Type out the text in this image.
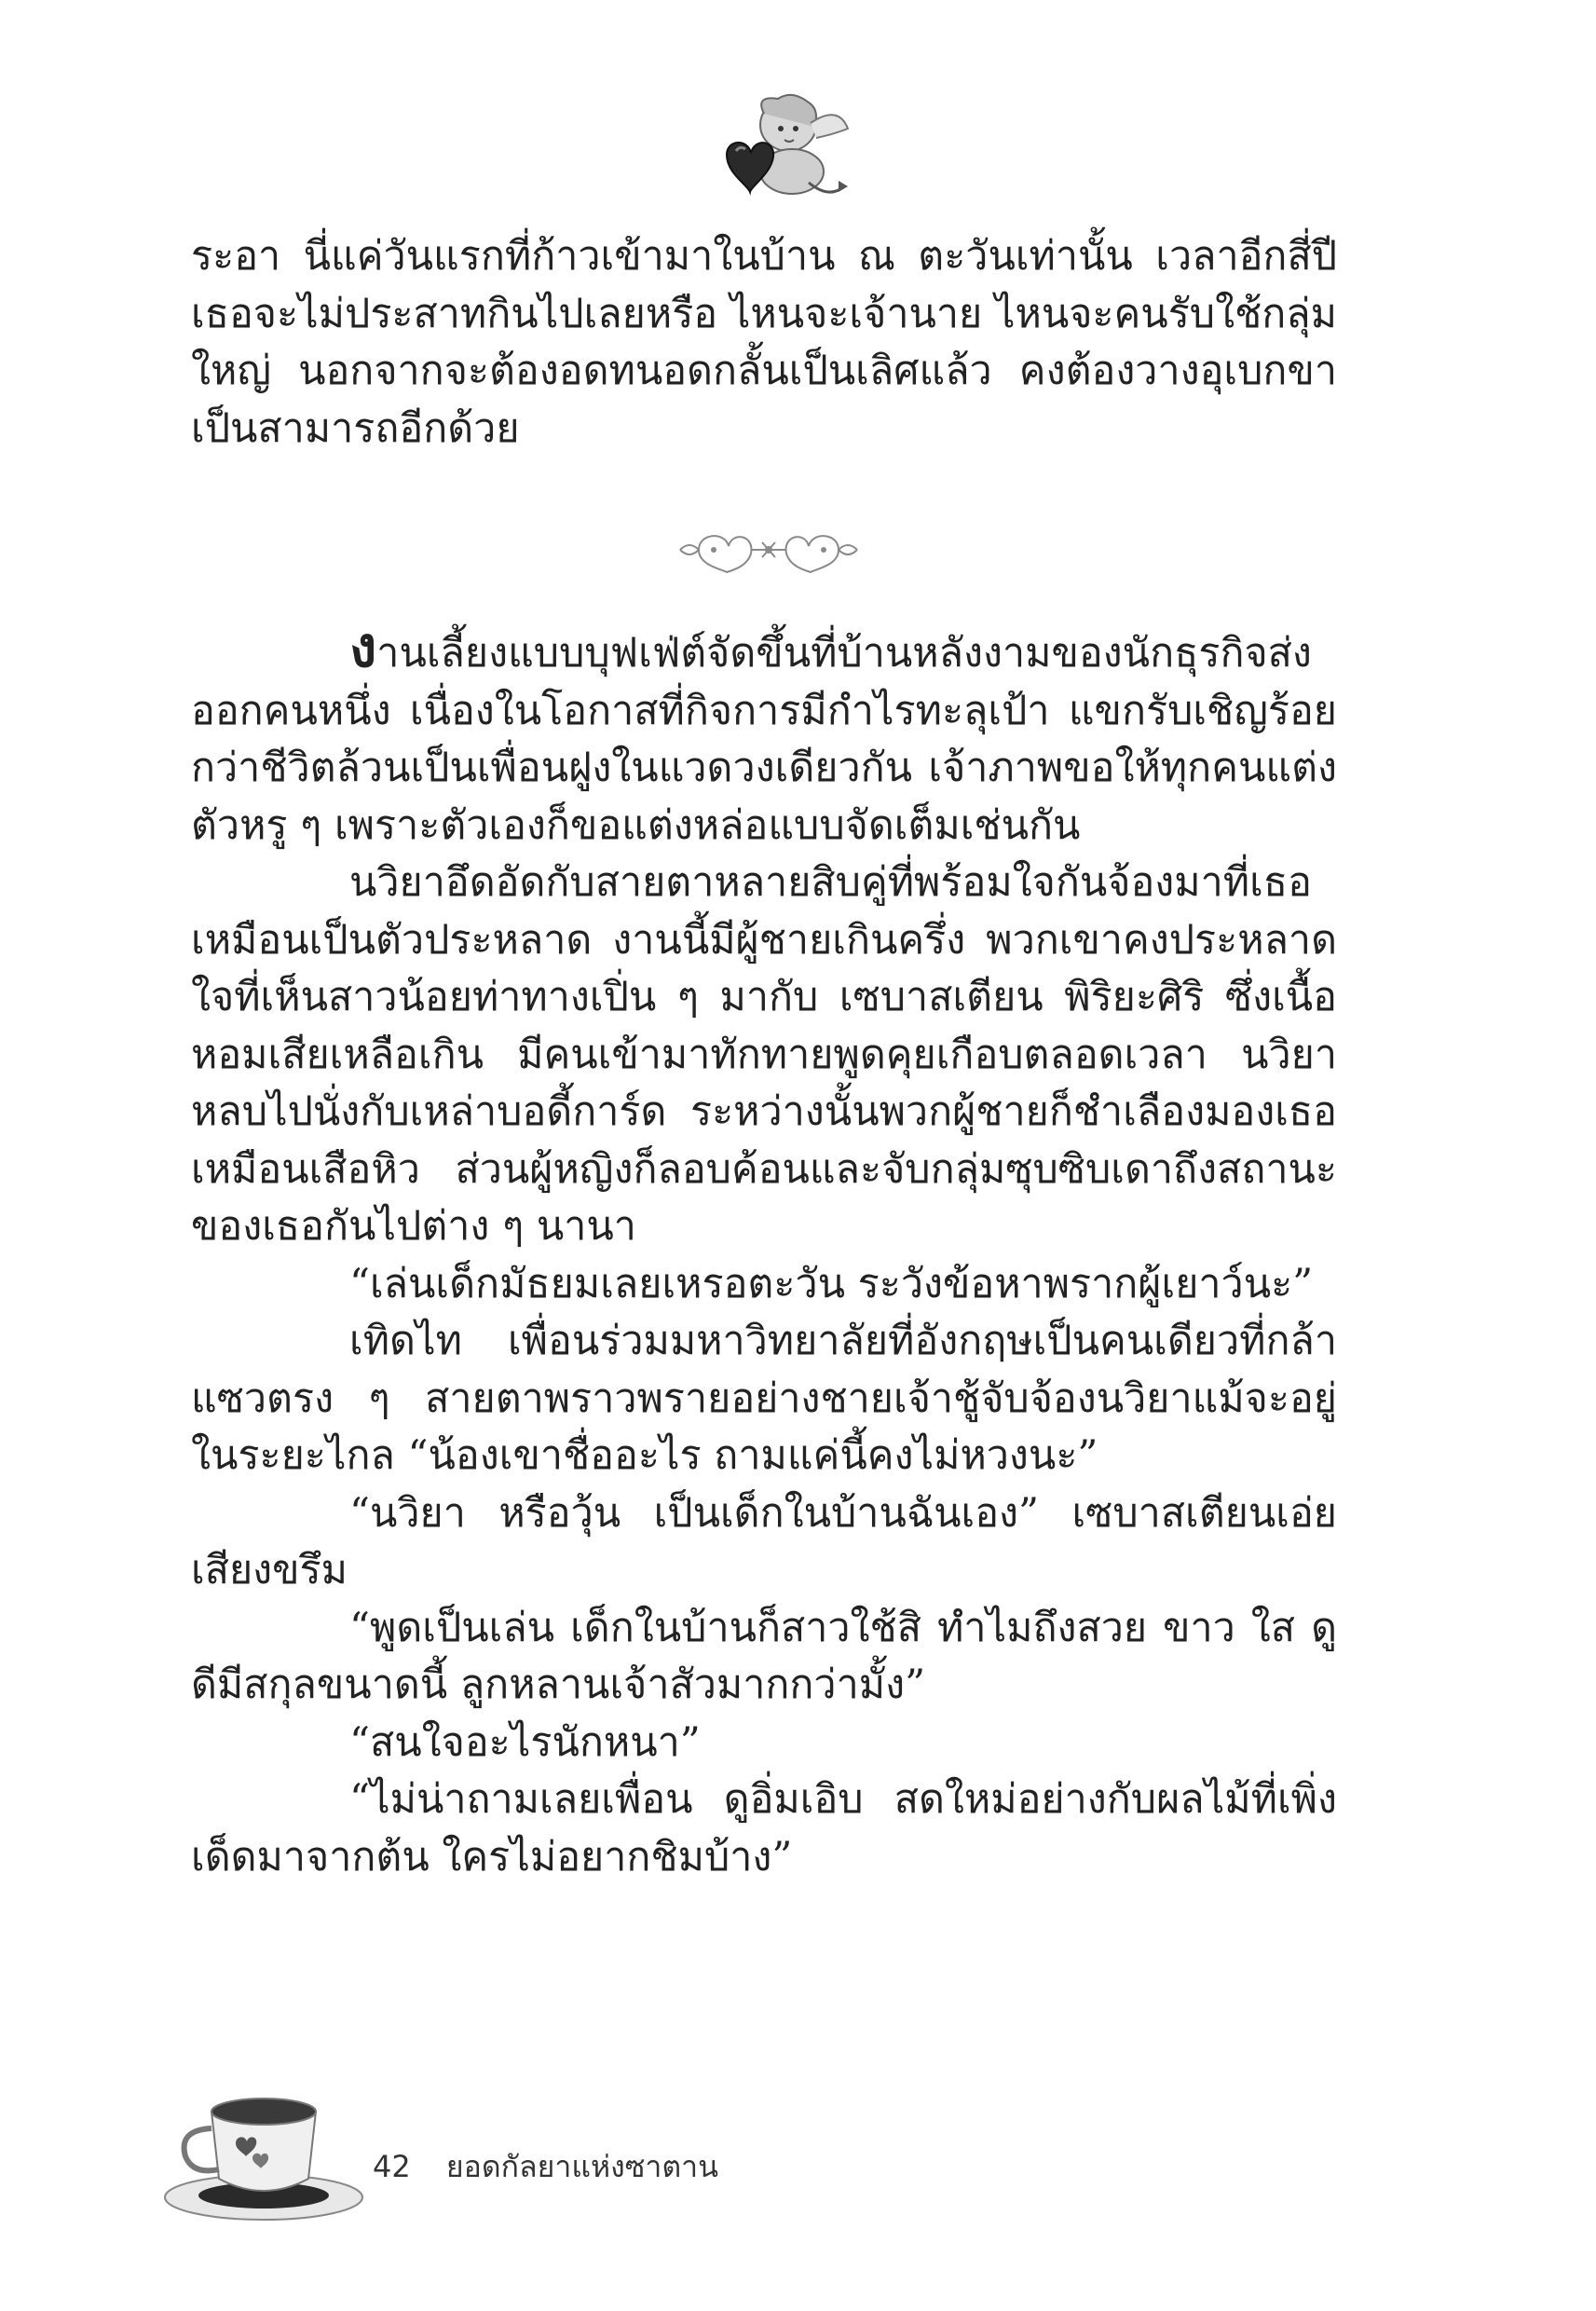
ระอา นี่แค่วันแรกที่ก้าวเข้ามาในบ้าน ณ ตะวันเท่านั้น เวลาอีกสี่ปีเธอจะไม่ประสาทกินไปเลยหรือ ไหนจะเจ้านาย ไหนจะคนรับใช้กลุ่มใหญ่ นอกจากจะต้องอดทนอดกลั้นเป็นเลิศแล้ว คงต้องวางอุเบกขาเป็นสามารถอีกด้วย

งานเลี้ยงแบบบุฟเฟ่ต์จัดขึ้นที่บ้านหลังงามของนักธุรกิจส่งออกคนหนึ่ง เนื่องในโอกาสที่กิจการมีกำไรทะลุเป้า แขกรับเชิญร้อยกว่าชีวิตล้วนเป็นเพื่อนฝูงในแวดวงเดียวกัน เจ้าภาพขอให้ทุกคนแต่งตัวหรู ๆ เพราะตัวเองก็ขอแต่งหล่อแบบจัดเต็มเช่นกัน

นวิยาอึดอัดกับสายตาหลายสิบคู่ที่พร้อมใจกันจ้องมาที่เธอเหมือนเป็นตัวประหลาด งานนี้มีผู้ชายเกินครึ่ง พวกเขาคงประหลาดใจที่เห็นสาวน้อยท่าทางเปิ่น ๆ มากับ เซบาสเตียน พิริยะศิริ ซึ่งเนื้อหอมเสียเหลือเกิน มีคนเข้ามาทักทายพูดคุยเกือบตลอดเวลา นวิยาหลบไปนั่งกับเหล่าบอดี้การ์ด ระหว่างนั้นพวกผู้ชายก็ชำเลืองมองเธอเหมือนเสือหิว ส่วนผู้หญิงก็ลอบค้อนและจับกลุ่มซุบซิบเดาถึงสถานะของเธอกันไปต่าง ๆ นานา

“เล่นเด็กมัธยมเลยเหรอตะวัน ระวังข้อหาพรากผู้เยาว์นะ”

เทิดไท เพื่อนร่วมมหาวิทยาลัยที่อังกฤษเป็นคนเดียวที่กล้าแซวตรง ๆ สายตาพราวพรายอย่างชายเจ้าชู้จับจ้องนวิยาแม้จะอยู่ในระยะไกล “น้องเขาชื่ออะไร ถามแค่นี้คงไม่หวงนะ”

“นวิยา หรือวุ้น เป็นเด็กในบ้านฉันเอง” เซบาสเตียนเอ่ยเสียงขรึม

“พูดเป็นเล่น เด็กในบ้านก็สาวใช้สิ ทำไมถึงสวย ขาว ใส ดูดีมีสกุลขนาดนี้ ลูกหลานเจ้าสัวมากกว่ามั้ง”

“สนใจอะไรนักหนา”

“ไม่น่าถามเลยเพื่อน ดูอิ่มเอิบ สดใหม่อย่างกับผลไม้ที่เพิ่งเด็ดมาจากต้น ใครไม่อยากชิมบ้าง”

42 ยอดกัลยาแห่งซาตาน
